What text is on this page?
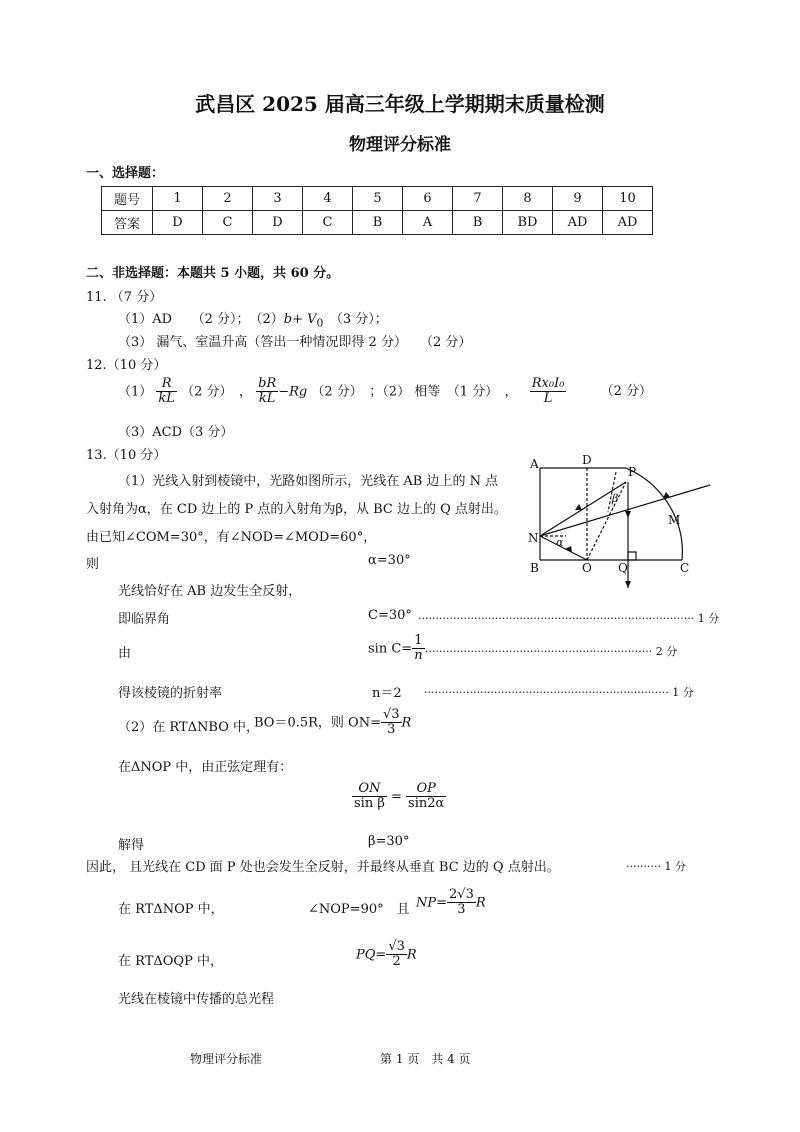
武昌区 2025 届高三年级上学期期末质量检测
物理评分标准
一、选择题：
题号	1	2	3	4	5	6	7	8	9	10
答案	D	C	D	C	B	A	B	BD	AD	AD
二、非选择题：本题共 5 小题，共 60 分。
11. （7 分）
（1）AD　　（2 分）；　$(2)b+ V_0$　（3 分）；
（3） 漏气、室温升高（答出一种情况即得 2 分）　　（2 分）
12.（10 分）
$(1) \frac{R}{kL} (2$ 分）　， $\frac{bR}{kL} -Rg$ （2 分）　；（2） 相等　（1 分）　， $\frac{\text{Rx₀I₀}}{L}$	（2 分）
（3）ACD（3 分）
13.（10 分）
（1）光线入射到棱镜中，光路如图所示，光线在 AB 边上的 N 点
入射角为α，在 CD 边上的 P 点的入射角为β，从 BC 边上的 Q 点射出。
由已知∠COM=30°，有∠NOD=∠MOD=60°，
则	α=30°
光线恰好在 AB 边发生全反射，
即临界角	C=30° ··············································································· 1 分
由	$\sin C= \frac{1}{n}$ ································································· 2 分
得该棱镜的折射率	n＝2 ······································································ 1 分
（2）在 RTΔNBO 中，
BO＝0.5R，则 $ON= \frac{√3}{3}$ R
在ΔNOP 中，由正弦定理有：
$\frac{ON}{\text{sin β}} = \frac{OP}{\sin 2\alpha}$
解得	β=30°
因此， 且光线在 CD 面 P 处也会发生全反射，并最终从垂直 BC 边的 Q 点射出。	·········· 1 分
在 RTΔNOP 中，	∠NOP=90°　且 $NP= \frac{2√3}{3}$ R
在 RTΔOQP 中，	$PQ= \frac{√3}{2}$ R
光线在棱镜中传播的总光程
A	D
P
β
M
N α
B	O Q	C
物理评分标准	第 1 页　共 4 页
